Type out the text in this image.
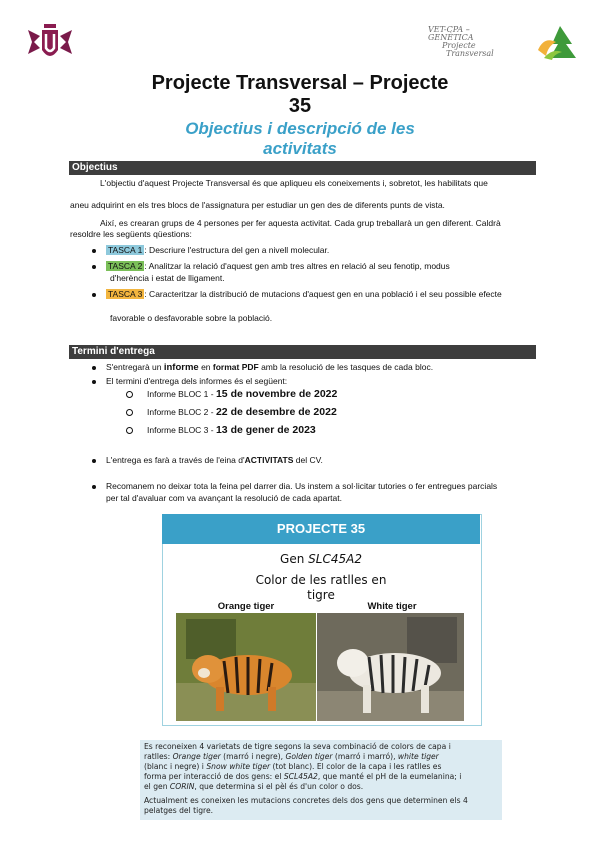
VET-CPA –
GENÈTICA
Projecte
Transversal
Projecte Transversal – Projecte
35
Objectius i descripció de les
activitats
Objectius
L'objectiu d'aquest Projecte Transversal és que apliqueu els coneixements i, sobretot, les habilitats que
aneu adquirint en els tres blocs de l'assignatura per estudiar un gen des de diferents punts de vista.
Així, es crearan grups de 4 persones per fer aquesta activitat. Cada grup treballarà un gen diferent. Caldrà
resoldre les següents qüestions:
TASCA 1 : Descriure l'estructura del gen a nivell molecular.
TASCA 2 : Analitzar la relació d'aquest gen amb tres altres en relació al seu fenotip, modus
d'herència i estat de lligament.
TASCA 3 : Caracteritzar la distribució de mutacions d'aquest gen en una població i el seu possible efecte
favorable o desfavorable sobre la població.
Termini d'entrega
S'entregarà un informe en format PDF amb la resolució de les tasques de cada bloc.
El termini d'entrega dels informes és el següent:
Informe BLOC 1 - 15 de novembre de 2022
Informe BLOC 2 - 22 de desembre de 2022
Informe BLOC 3 - 13 de gener de 2023
L'entrega es farà a través de l'eina d'ACTIVITATS del CV.
Recomanem no deixar tota la feina pel darrer dia. Us instem a sol·licitar tutories o fer entregues parcials
per tal d'avaluar com va avançant la resolució de cada apartat.
PROJECTE 35
Gen SLC45A2
Color de les ratlles en
tigre
Orange tiger	White tiger
Es reconeixen 4 varietats de tigre segons la seva combinació de colors de capa i
ratlles: Orange tiger (marró i negre), Golden tiger (marró i marró), white tiger
(blanc i negre) i Snow white tiger (tot blanc). El color de la capa i les ratlles es
forma per interacció de dos gens: el SCL45A2, que manté el pH de la eumelanina; i
el gen CORIN, que determina si el pèl és d'un color o dos.
Actualment es coneixen les mutacions concretes dels dos gens que determinen els 4
pelatges del tigre.
